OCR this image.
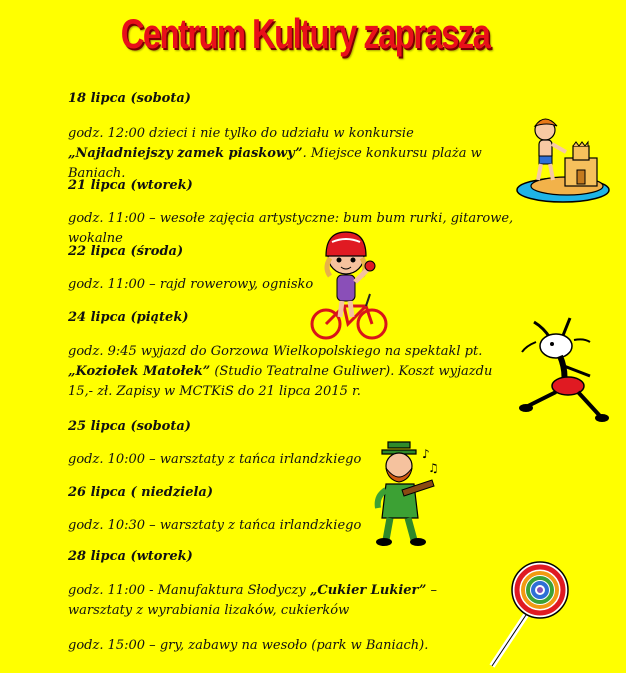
Centrum Kultury zaprasza
18 lipca (sobota)
godz. 12:00 dzieci i nie tylko do udziału w konkursie „Najładniejszy zamek piaskowy”. Miejsce konkursu plaża w Baniach.
21 lipca (wtorek)
godz. 11:00 – wesołe zajęcia artystyczne: bum bum rurki, gitarowe, wokalne
22 lipca (środa)
godz. 11:00 – rajd rowerowy, ognisko
24 lipca (piątek)
godz. 9:45 wyjazd do Gorzowa Wielkopolskiego na spektakl pt. „Koziołek Matołek” (Studio Teatralne Guliwer). Koszt wyjazdu 15,- zł. Zapisy w MCTKiS do 21 lipca 2015 r.
25 lipca (sobota)
godz. 10:00 – warsztaty z tańca irlandzkiego
26 lipca ( niedziela)
godz. 10:30 – warsztaty z tańca irlandzkiego
28 lipca (wtorek)
godz. 11:00 - Manufaktura Słodyczy „Cukier Lukier” – warsztaty z wyrabiania lizaków, cukierków
godz. 15:00 – gry, zabawy na wesoło (park w Baniach).
♪
♫
